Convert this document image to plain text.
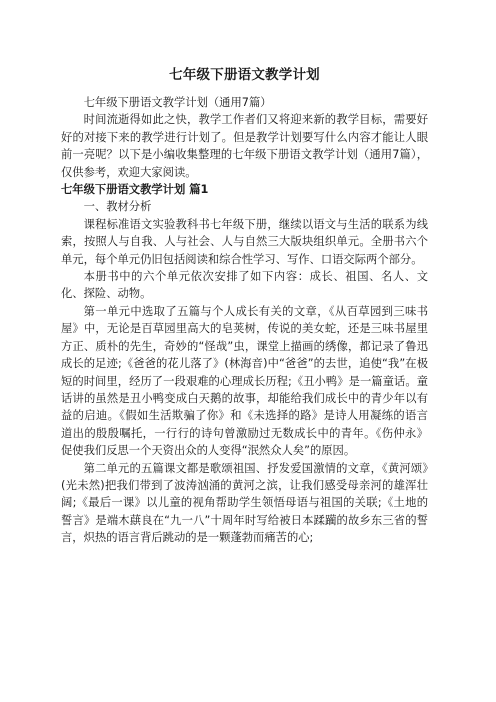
七年级下册语文教学计划

七年级下册语文教学计划（通用7篇）

时间流逝得如此之快，教学工作者们又将迎来新的教学目标，需要好好的对接下来的教学进行计划了。但是教学计划要写什么内容才能让人眼前一亮呢？以下是小编收集整理的七年级下册语文教学计划（通用7篇），仅供参考，欢迎大家阅读。

七年级下册语文教学计划 篇1

一、教材分析

课程标准语文实验教科书七年级下册，继续以语文与生活的联系为线索，按照人与自我、人与社会、人与自然三大版块组织单元。全册书六个单元，每个单元仍旧包括阅读和综合性学习、写作、口语交际两个部分。

本册书中的六个单元依次安排了如下内容：成长、祖国、名人、文化、探险、动物。

第一单元中选取了五篇与个人成长有关的文章，《从百草园到三味书屋》中，无论是百草园里高大的皂荚树，传说的美女蛇，还是三味书屋里方正、质朴的先生，奇妙的“怪哉”虫，课堂上描画的绣像，都记录了鲁迅成长的足迹;《爸爸的花儿落了》(林海音)中“爸爸”的去世，追使“我”在极短的时间里，经历了一段艰难的心理成长历程;《丑小鸭》是一篇童话。童话讲的虽然是丑小鸭变成白天鹅的故事，却能给我们成长中的青少年以有益的启迪。《假如生活欺骗了你》和《未选择的路》是诗人用凝练的语言道出的殷殷嘱托，一行行的诗句曾激励过无数成长中的青年。《伤仲永》促使我们反思一个天资出众的人变得“泯然众人矣”的原因。

第二单元的五篇课文都是歌颂祖国、抒发爱国激情的文章，《黄河颂》(光未然)把我们带到了波涛汹涌的黄河之滨，让我们感受母亲河的雄浑壮阔;《最后一课》以儿童的视角帮助学生领悟母语与祖国的关联;《土地的誓言》是端木蕻良在“九一八”十周年时写给被日本蹂躏的故乡东三省的誓言，炽热的语言背后跳动的是一颗蓬勃而痛苦的心;
